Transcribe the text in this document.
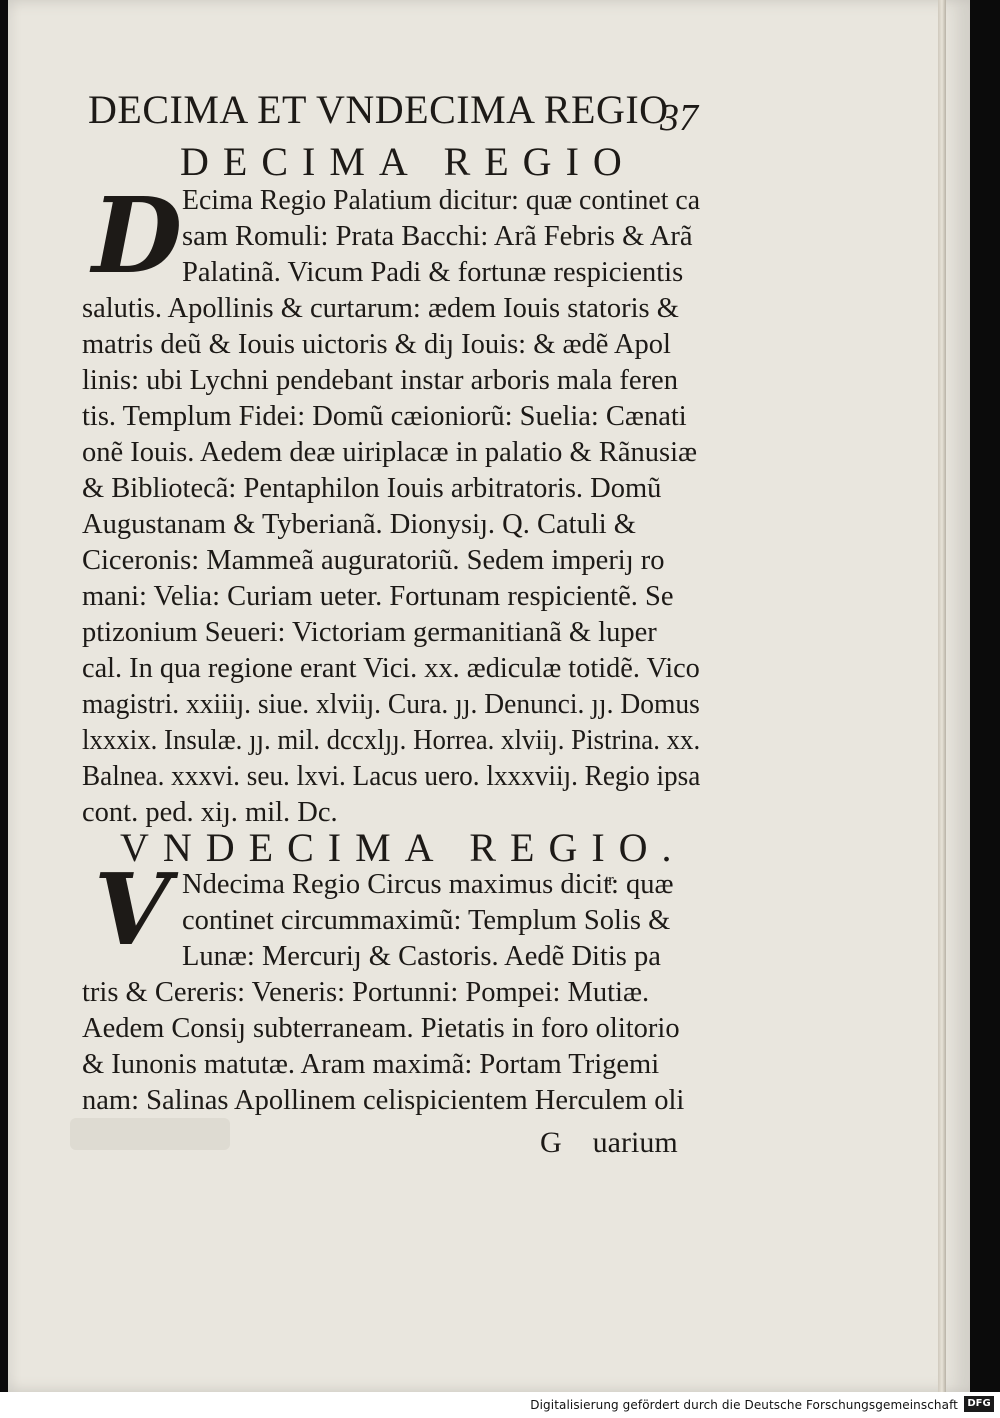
DECIMA ET VNDECIMA REGIO
37
DECIMA REGIO
D Ecima Regio Palatium dicitur: quæ continet ca
sam Romuli: Prata Bacchi: Arã Febris & Arã
Palatinã. Vicum Padi & fortunæ respicientis
salutis. Apollinis & curtarum: ædem Iouis statoris &
matris deũ & Iouis uictoris & diȷ Iouis: & ædẽ Apol
linis: ubi Lychni pendebant instar arboris mala feren
tis. Templum Fidei: Domũ cæioniorũ: Suelia: Cænati
onẽ Iouis. Aedem deæ uiriplacæ in palatio & Rãnusiæ
& Bibliotecã: Pentaphilon Iouis arbitratoris. Domũ
Augustanam & Tyberianã. Dionysiȷ. Q. Catuli &
Ciceronis: Mammeã auguratoriũ. Sedem imperiȷ ro
mani: Velia: Curiam ueter. Fortunam respicientẽ. Se
ptizonium Seueri: Victoriam germanitianã & luper
cal. In qua regione erant Vici. xx. ædiculæ totidẽ. Vico
magistri. xxiiiȷ. siue. xlviiȷ. Cura. ȷȷ. Denunci. ȷȷ. Domus
lxxxix. Insulæ. ȷȷ. mil. dccxlȷȷ. Horrea. xlviiȷ. Pistrina. xx.
Balnea. xxxvi. seu. lxvi. Lacus uero. lxxxviiȷ. Regio ipsa
cont. ped. xiȷ. mil. Dc.
VNDECIMA REGIO.
V Ndecima Regio Circus maximus dicitͬ: quæ
continet circummaximũ: Templum Solis &
Lunæ: Mercuriȷ & Castoris. Aedẽ Ditis pa
tris & Cereris: Veneris: Portunni: Pompei: Mutiæ.
Aedem Consiȷ subterraneam. Pietatis in foro olitorio
& Iunonis matutæ. Aram maximã: Portam Trigemi
nam: Salinas Apollinem celispicientem Herculem oli
G uarium
Digitalisierung gefördert durch die Deutsche Forschungsgemeinschaft DFG
